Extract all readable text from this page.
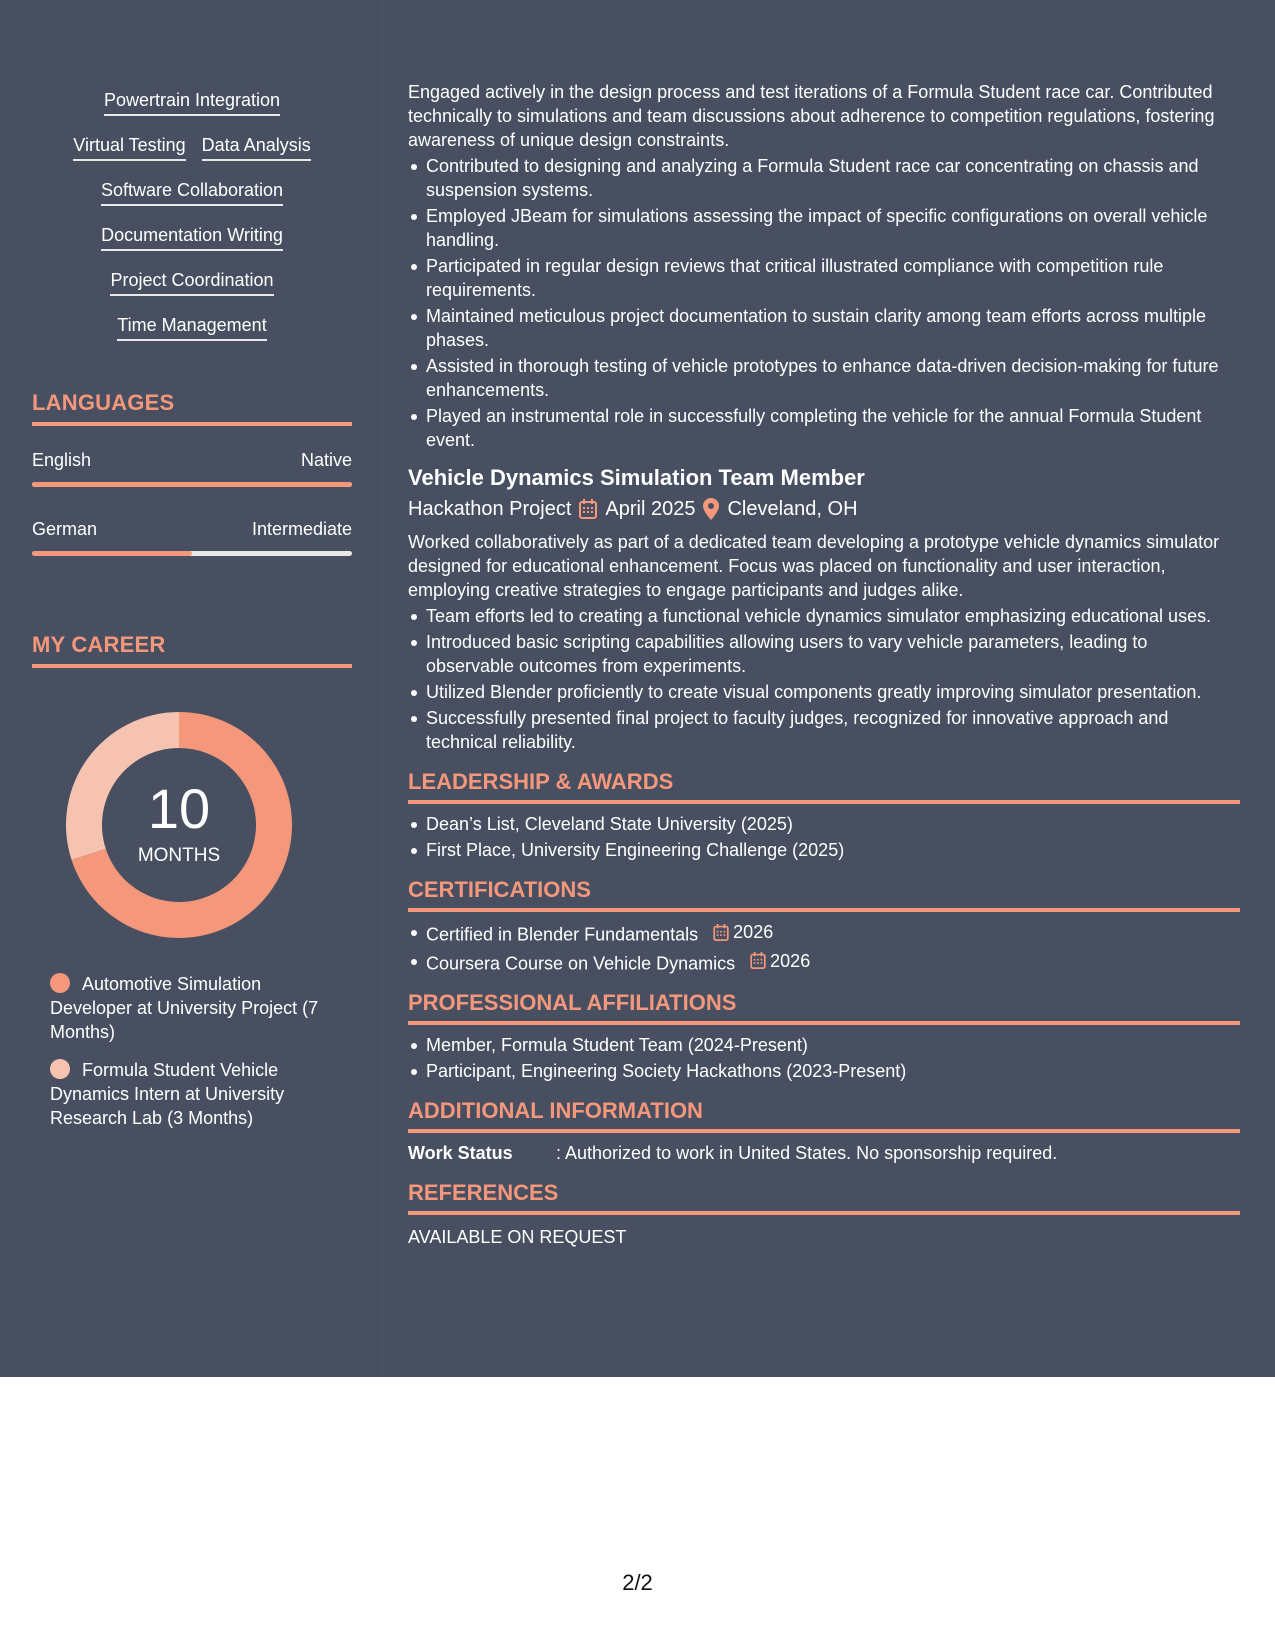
Powertrain Integration
Virtual Testing Data Analysis
Software Collaboration
Documentation Writing
Project Coordination
Time Management
LANGUAGES
English	Native
German	Intermediate
MY CAREER
10
MONTHS
Automotive Simulation Developer at University Project (7 Months)
Formula Student Vehicle Dynamics Intern at University Research Lab (3 Months)

Engaged actively in the design process and test iterations of a Formula Student race car. Contributed technically to simulations and team discussions about adherence to competition regulations, fostering awareness of unique design constraints.

Contributed to designing and analyzing a Formula Student race car concentrating on chassis and suspension systems.
Employed JBeam for simulations assessing the impact of specific configurations on overall vehicle handling.
Participated in regular design reviews that critical illustrated compliance with competition rule requirements.
Maintained meticulous project documentation to sustain clarity among team efforts across multiple phases.
Assisted in thorough testing of vehicle prototypes to enhance data-driven decision-making for future enhancements.
Played an instrumental role in successfully completing the vehicle for the annual Formula Student event.
Vehicle Dynamics Simulation Team Member
Hackathon Project April 2025 Cleveland, OH

Worked collaboratively as part of a dedicated team developing a prototype vehicle dynamics simulator designed for educational enhancement. Focus was placed on functionality and user interaction, employing creative strategies to engage participants and judges alike.

Team efforts led to creating a functional vehicle dynamics simulator emphasizing educational uses.
Introduced basic scripting capabilities allowing users to vary vehicle parameters, leading to observable outcomes from experiments.
Utilized Blender proficiently to create visual components greatly improving simulator presentation.
Successfully presented final project to faculty judges, recognized for innovative approach and technical reliability.
LEADERSHIP & AWARDS
Dean’s List, Cleveland State University (2025)
First Place, University Engineering Challenge (2025)
CERTIFICATIONS
Certified in Blender Fundamentals 2026
Coursera Course on Vehicle Dynamics 2026
PROFESSIONAL AFFILIATIONS
Member, Formula Student Team (2024-Present)
Participant, Engineering Society Hackathons (2023-Present)
ADDITIONAL INFORMATION
Work Status	: Authorized to work in United States. No sponsorship required.
REFERENCES
AVAILABLE ON REQUEST
2/2
